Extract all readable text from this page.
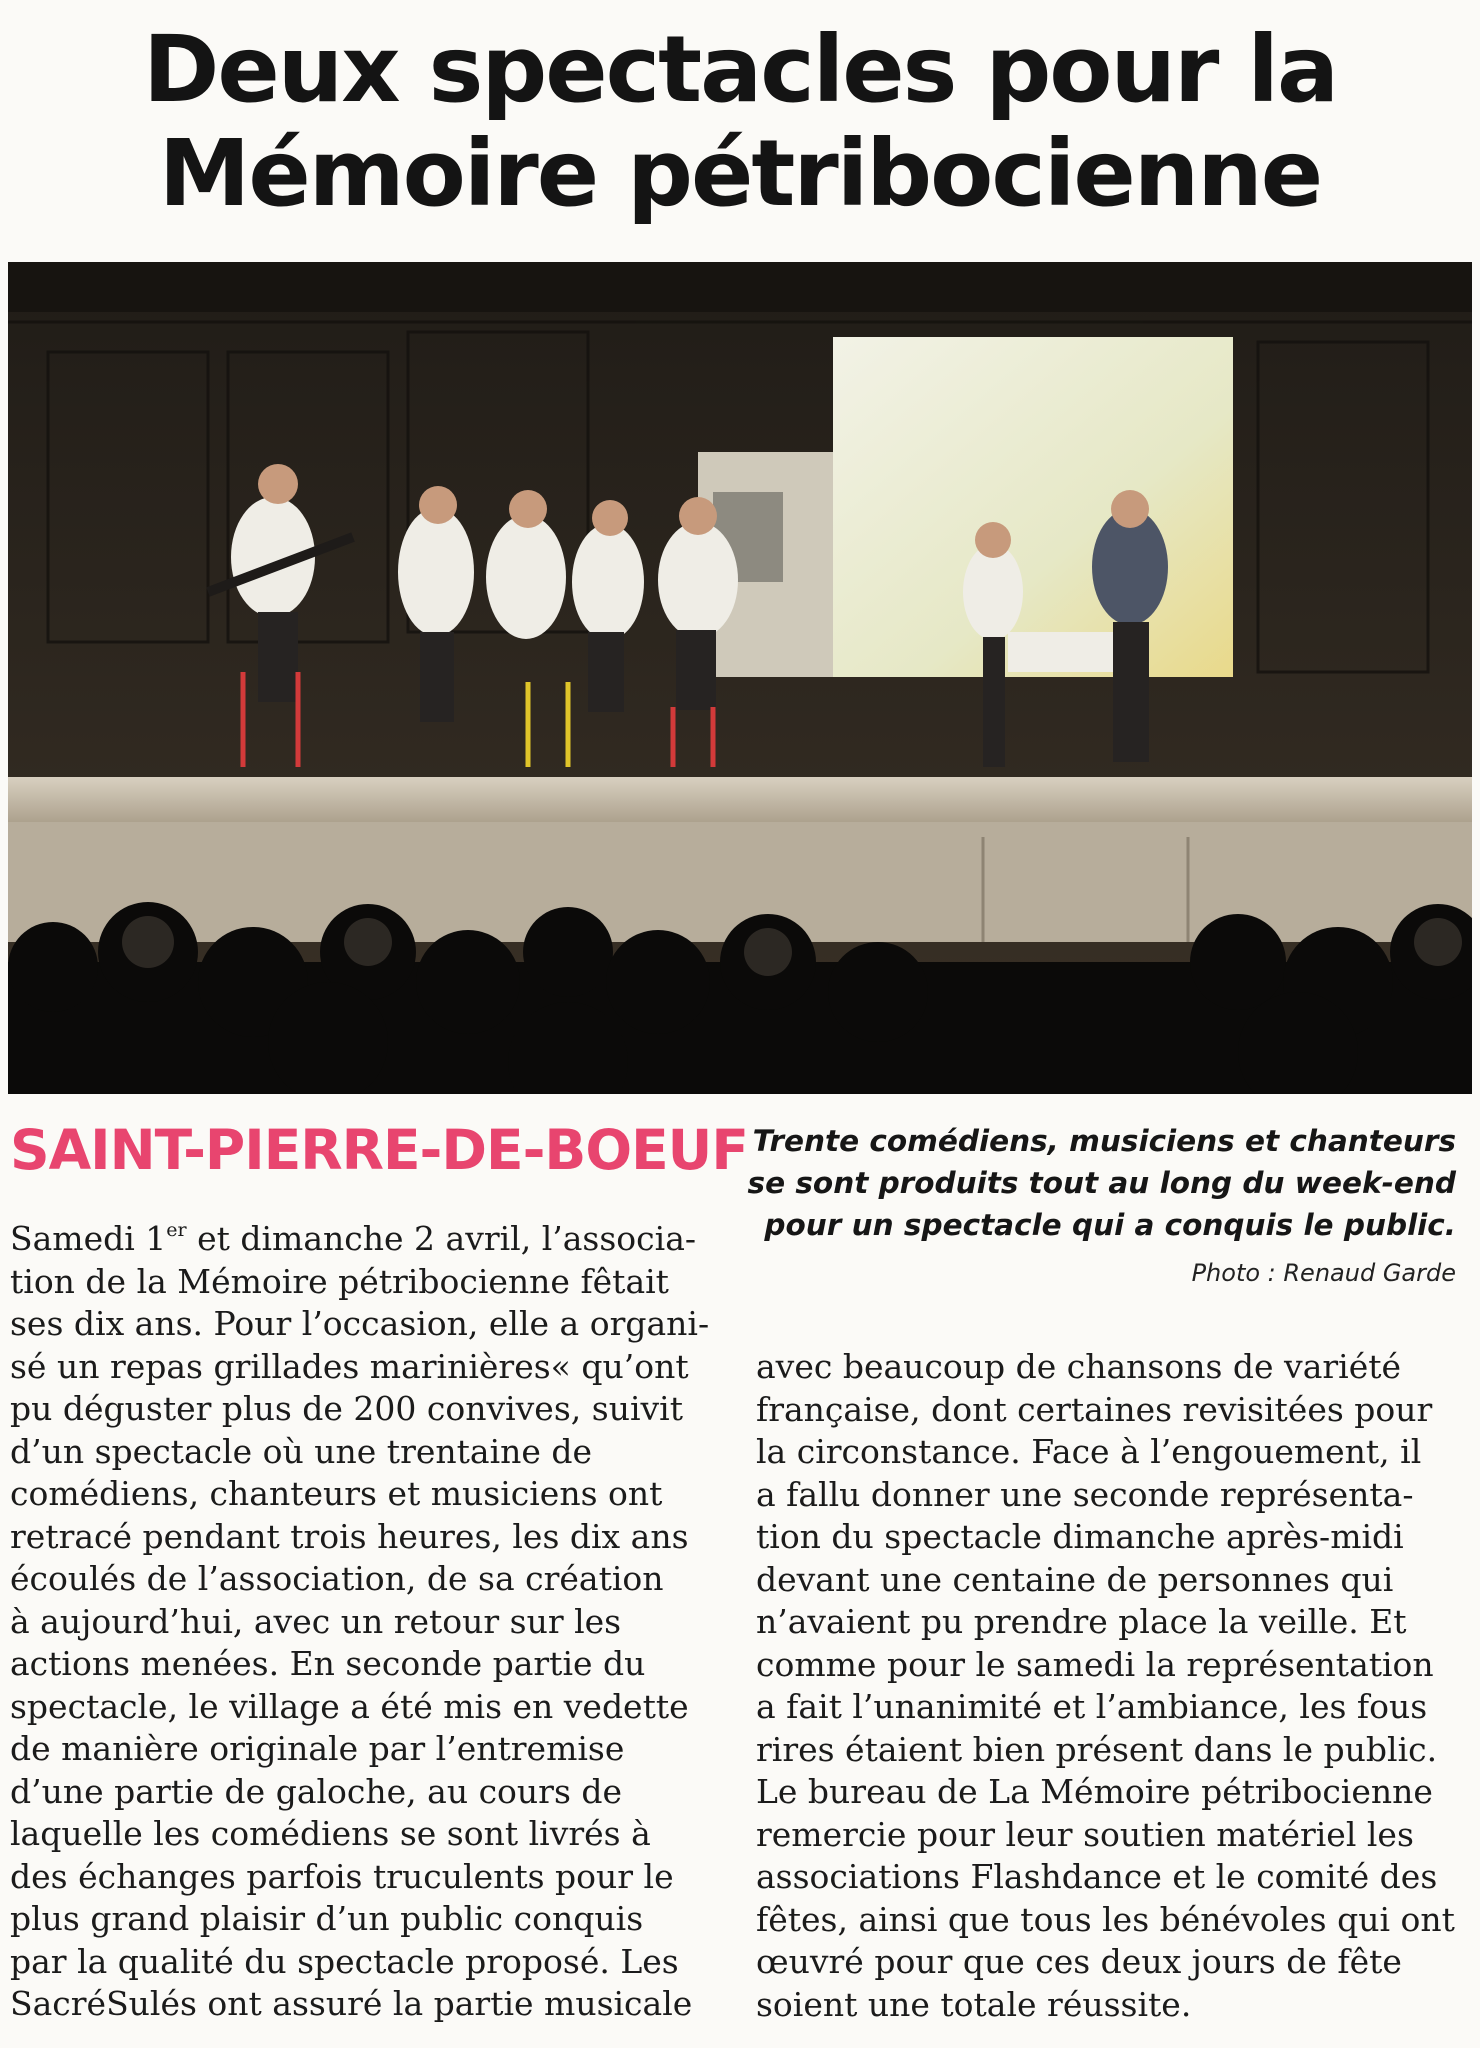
Deux spectacles pour la
Mémoire pétribocienne
SAINT-PIERRE-DE-BOEUF Trente comédiens, musiciens et chanteurs
se sont produits tout au long du week-end
pour un spectacle qui a conquis le public.
Photo : Renaud Garde
Samedi 1er et dimanche 2 avril, l’associa-
tion de la Mémoire pétribocienne fêtait
ses dix ans. Pour l’occasion, elle a organi-
sé un repas grillades marinières« qu’ont
pu déguster plus de 200 convives, suivit
d’un spectacle où une trentaine de
comédiens, chanteurs et musiciens ont
retracé pendant trois heures, les dix ans
écoulés de l’association, de sa création
à aujourd’hui, avec un retour sur les
actions menées. En seconde partie du
spectacle, le village a été mis en vedette
de manière originale par l’entremise
d’une partie de galoche, au cours de
laquelle les comédiens se sont livrés à
des échanges parfois truculents pour le
plus grand plaisir d’un public conquis
par la qualité du spectacle proposé. Les
SacréSulés ont assuré la partie musicale
avec beaucoup de chansons de variété
française, dont certaines revisitées pour
la circonstance. Face à l’engouement, il
a fallu donner une seconde représenta-
tion du spectacle dimanche après-midi
devant une centaine de personnes qui
n’avaient pu prendre place la veille. Et
comme pour le samedi la représentation
a fait l’unanimité et l’ambiance, les fous
rires étaient bien présent dans le public.
Le bureau de La Mémoire pétribocienne
remercie pour leur soutien matériel les
associations Flashdance et le comité des
fêtes, ainsi que tous les bénévoles qui ont
œuvré pour que ces deux jours de fête
soient une totale réussite.
